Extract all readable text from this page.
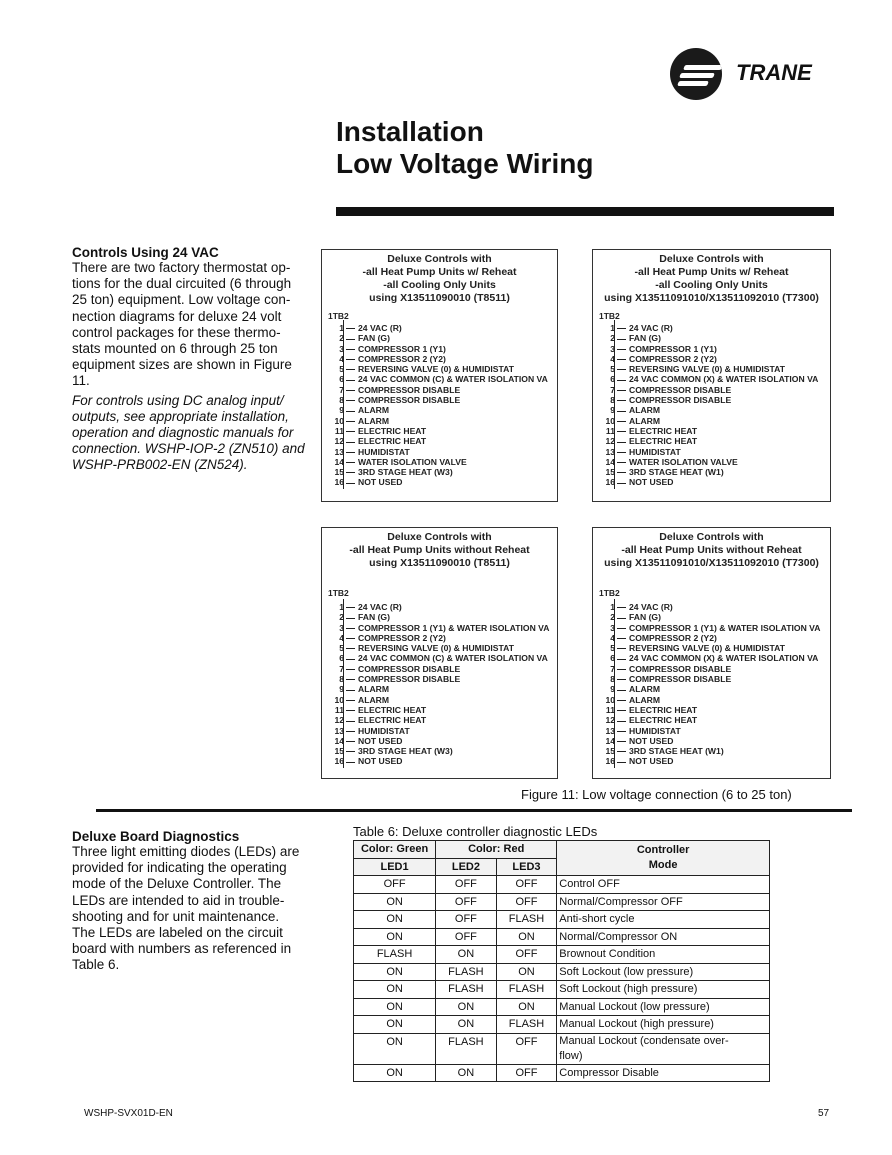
TRANE
Installation
Low Voltage Wiring
Controls Using 24 VAC
There are two factory thermostat op-
tions for the dual circuited (6 through
25 ton) equipment. Low voltage con-
nection diagrams for deluxe 24 volt
control packages for these thermo-
stats mounted on 6 through 25 ton
equipment sizes are shown in Figure
11.
For controls using DC analog input/
outputs, see appropriate installation,
operation and diagnostic manuals for
connection. WSHP-IOP-2 (ZN510) and
WSHP-PRB002-EN (ZN524).
Deluxe Controls with
-all Heat Pump Units w/ Reheat
-all Cooling Only Units
using X13511090010 (T8511)
1TB2
1 24 VAC (R)
2 FAN (G)
3 COMPRESSOR 1 (Y1)
4 COMPRESSOR 2 (Y2)
5 REVERSING VALVE (0) & HUMIDISTAT
6 24 VAC COMMON (C) & WATER ISOLATION VA
7 COMPRESSOR DISABLE
8 COMPRESSOR DISABLE
9 ALARM
10 ALARM
11 ELECTRIC HEAT
12 ELECTRIC HEAT
13 HUMIDISTAT
14 WATER ISOLATION VALVE
15 3RD STAGE HEAT (W3)
16 NOT USED
Deluxe Controls with
-all Heat Pump Units w/ Reheat
-all Cooling Only Units
using X13511091010/X13511092010 (T7300)
1TB2
1 24 VAC (R)
2 FAN (G)
3 COMPRESSOR 1 (Y1)
4 COMPRESSOR 2 (Y2)
5 REVERSING VALVE (0) & HUMIDISTAT
6 24 VAC COMMON (X) & WATER ISOLATION VA
7 COMPRESSOR DISABLE
8 COMPRESSOR DISABLE
9 ALARM
10 ALARM
11 ELECTRIC HEAT
12 ELECTRIC HEAT
13 HUMIDISTAT
14 WATER ISOLATION VALVE
15 3RD STAGE HEAT (W1)
16 NOT USED
Deluxe Controls with
-all Heat Pump Units without Reheat
using X13511090010 (T8511)
1TB2
1 24 VAC (R)
2 FAN (G)
3 COMPRESSOR 1 (Y1) & WATER ISOLATION VA
4 COMPRESSOR 2 (Y2)
5 REVERSING VALVE (0) & HUMIDISTAT
6 24 VAC COMMON (C) & WATER ISOLATION VA
7 COMPRESSOR DISABLE
8 COMPRESSOR DISABLE
9 ALARM
10 ALARM
11 ELECTRIC HEAT
12 ELECTRIC HEAT
13 HUMIDISTAT
14 NOT USED
15 3RD STAGE HEAT (W3)
16 NOT USED
Deluxe Controls with
-all Heat Pump Units without Reheat
using X13511091010/X13511092010 (T7300)
1TB2
1 24 VAC (R)
2 FAN (G)
3 COMPRESSOR 1 (Y1) & WATER ISOLATION VA
4 COMPRESSOR 2 (Y2)
5 REVERSING VALVE (0) & HUMIDISTAT
6 24 VAC COMMON (X) & WATER ISOLATION VA
7 COMPRESSOR DISABLE
8 COMPRESSOR DISABLE
9 ALARM
10 ALARM
11 ELECTRIC HEAT
12 ELECTRIC HEAT
13 HUMIDISTAT
14 NOT USED
15 3RD STAGE HEAT (W1)
16 NOT USED
Figure 11: Low voltage connection (6 to 25 ton)
Deluxe Board Diagnostics
Three light emitting diodes (LEDs) are
provided for indicating the operating
mode of the Deluxe Controller. The
LEDs are intended to aid in trouble-
shooting and for unit maintenance.
The LEDs are labeled on the circuit
board with numbers as referenced in
Table 6.
Table 6: Deluxe controller diagnostic LEDs
Color: Green	Color: Red		Controller
Mode

LED1	LED2	LED3	
OFF	OFF	OFF	Control OFF
ON	OFF	OFF	Normal/Compressor OFF
ON	OFF	FLASH	Anti-short cycle
ON	OFF	ON	Normal/Compressor ON
FLASH	ON	OFF	Brownout Condition
ON	FLASH	ON	Soft Lockout (low pressure)
ON	FLASH	FLASH	Soft Lockout (high pressure)
ON	ON	ON	Manual Lockout (low pressure)
ON	ON	FLASH	Manual Lockout (high pressure)
ON	FLASH	OFF	Manual Lockout (condensate over-
flow)
ON	ON	OFF	Compressor Disable
WSHP-SVX01D-EN	57
